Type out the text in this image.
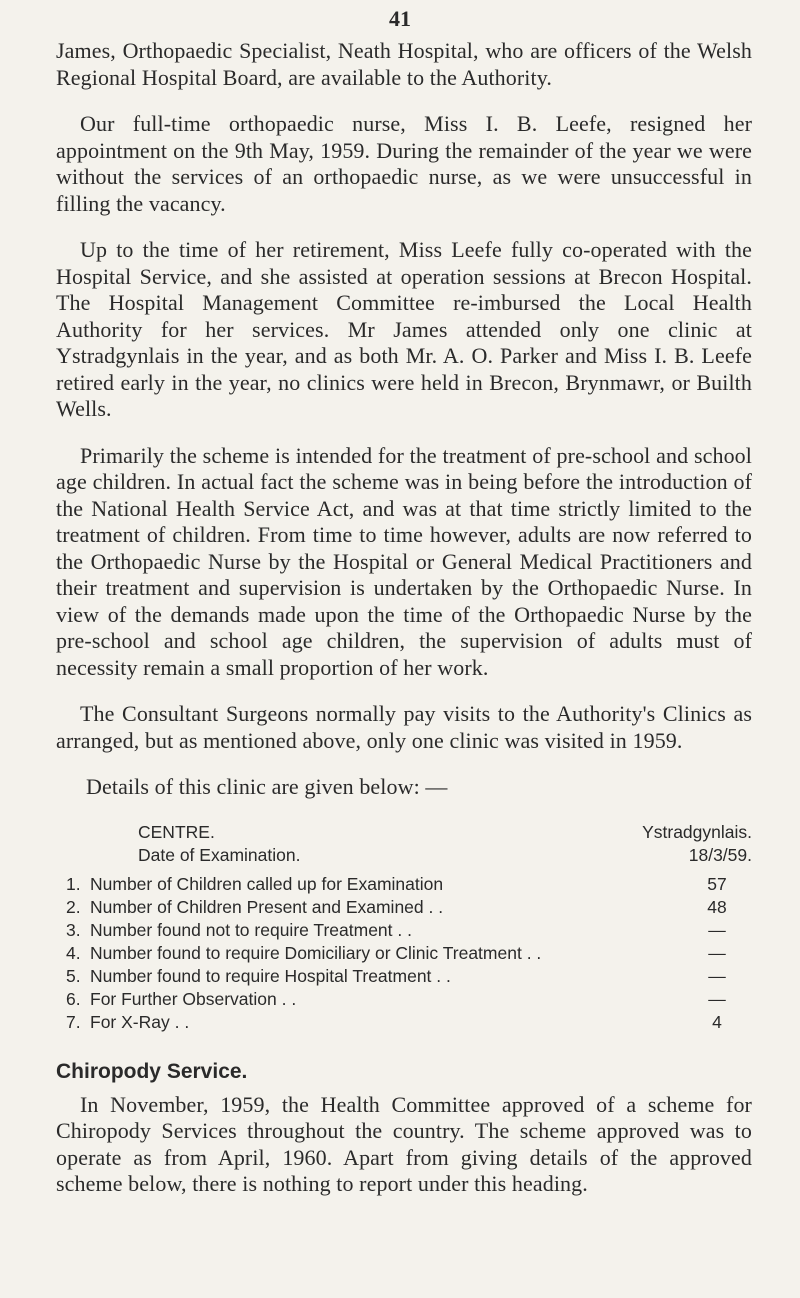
41

James, Orthopaedic Specialist, Neath Hospital, who are officers of the Welsh Regional Hospital Board, are available to the Authority.

Our full-time orthopaedic nurse, Miss I. B. Leefe, resigned her appointment on the 9th May, 1959. During the remainder of the year we were without the services of an orthopaedic nurse, as we were unsuccessful in filling the vacancy.

Up to the time of her retirement, Miss Leefe fully co-operated with the Hospital Service, and she assisted at operation sessions at Brecon Hospital. The Hospital Management Committee re-imbursed the Local Health Authority for her services. Mr James attended only one clinic at Ystradgynlais in the year, and as both Mr. A. O. Parker and Miss I. B. Leefe retired early in the year, no clinics were held in Brecon, Brynmawr, or Builth Wells.

Primarily the scheme is intended for the treatment of pre-school and school age children. In actual fact the scheme was in being before the introduction of the National Health Service Act, and was at that time strictly limited to the treatment of children. From time to time however, adults are now referred to the Orthopaedic Nurse by the Hospital or General Medical Practitioners and their treatment and supervision is undertaken by the Orthopaedic Nurse. In view of the demands made upon the time of the Orthopaedic Nurse by the pre-school and school age children, the supervision of adults must of necessity remain a small proportion of her work.

The Consultant Surgeons normally pay visits to the Authority's Clinics as arranged, but as mentioned above, only one clinic was visited in 1959.

Details of this clinic are given below: —

CENTRE.	Ystradgynlais.
Date of Examination.	18/3/59.
1. Number of Children called up for Examination	57
2. Number of Children Present and Examined . .	48
3. Number found not to require Treatment . .	—
4. Number found to require Domiciliary or Clinic Treatment . .	—
5. Number found to require Hospital Treatment . .	—
6. For Further Observation . .	—
7. For X-Ray . .	4
Chiropody Service.

In November, 1959, the Health Committee approved of a scheme for Chiropody Services throughout the country. The scheme approved was to operate as from April, 1960. Apart from giving details of the approved scheme below, there is nothing to report under this heading.
